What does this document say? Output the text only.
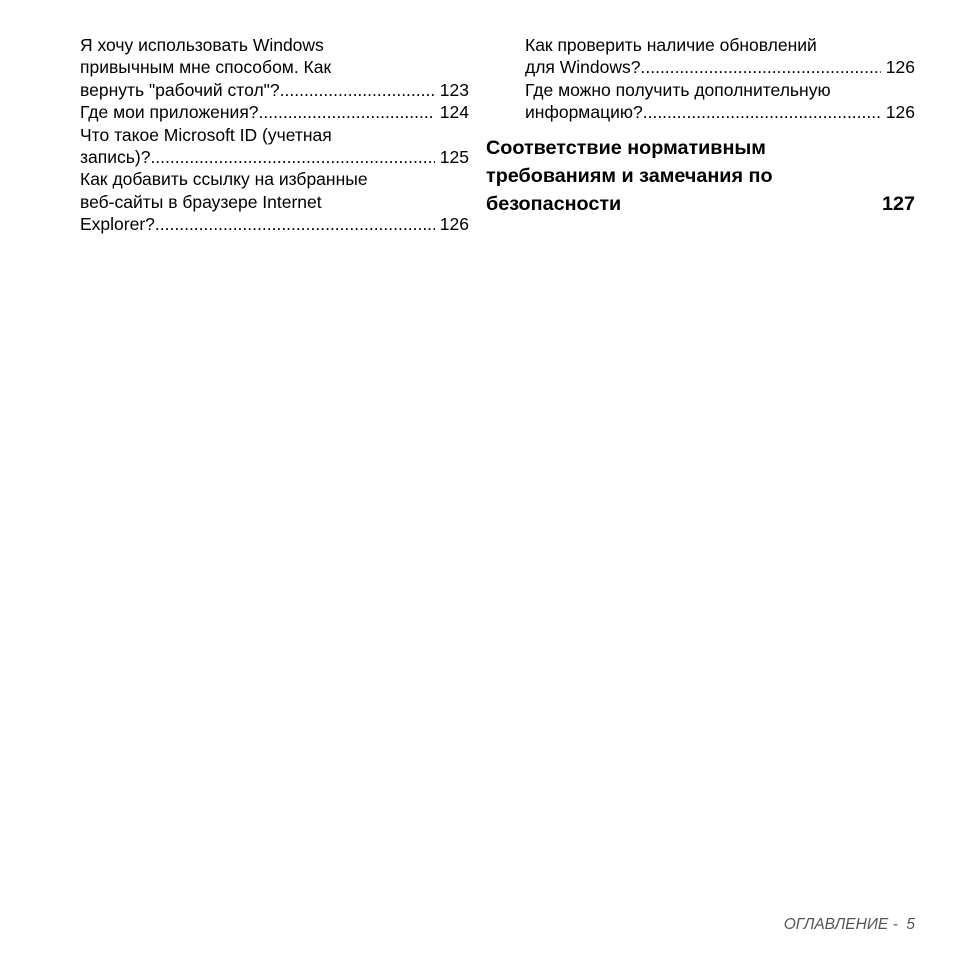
Я хочу использовать Windows
привычным мне способом. Как
вернуть "рабочий стол"? .....	123
Где мои приложения? .....	124
Что такое Microsoft ID (учетная
запись)? .....	125
Как добавить ссылку на избранные
веб-сайты в браузере Internet
Explorer? .....	126
Как проверить наличие обновлений
для Windows? .....	126
Где можно получить дополнительную
информацию? .....	126
Соответствие нормативным
требованиям и замечания по
безопасности	127
ОГЛАВЛЕНИЕ - 5
